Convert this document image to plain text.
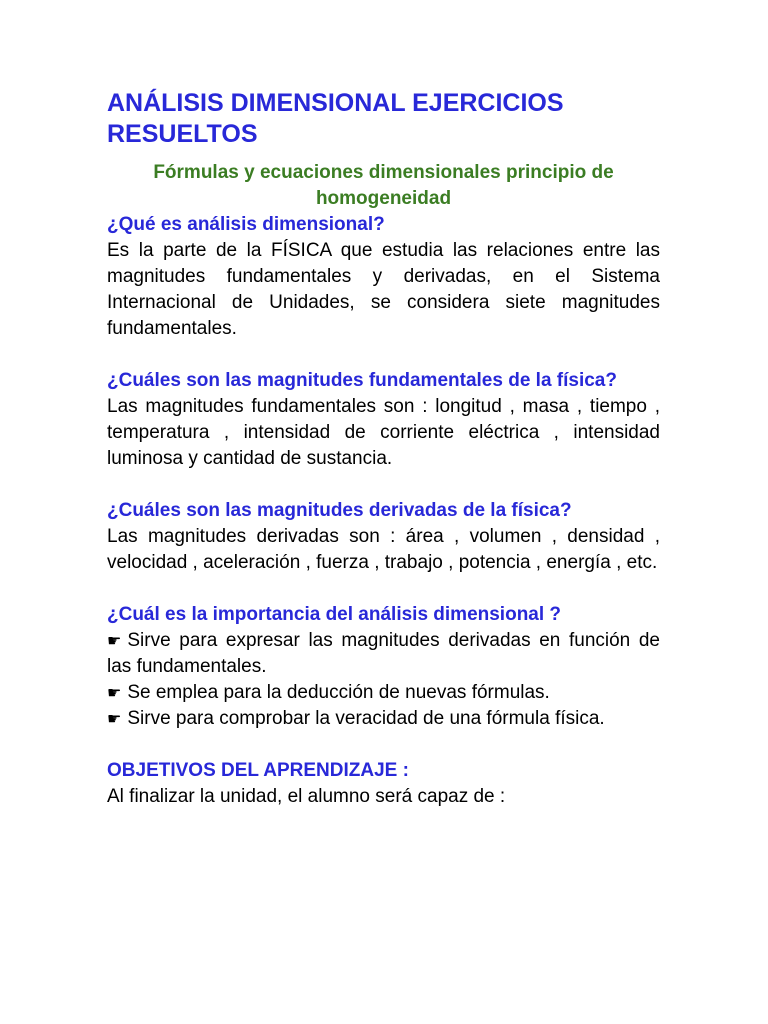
ANÁLISIS DIMENSIONAL EJERCICIOS RESUELTOS

Fórmulas y ecuaciones dimensionales principio de homogeneidad

¿Qué es análisis dimensional?

Es la parte de la FÍSICA que estudia las relaciones entre las magnitudes fundamentales y derivadas, en el Sistema Internacional de Unidades, se considera siete magnitudes fundamentales.

¿Cuáles son las magnitudes fundamentales de la física?

Las magnitudes fundamentales son : longitud , masa , tiempo , temperatura , intensidad de corriente eléctrica , intensidad luminosa y cantidad de sustancia.

¿Cuáles son las magnitudes derivadas de la física?

Las magnitudes derivadas son : área , volumen , densidad , velocidad , aceleración , fuerza , trabajo , potencia , energía , etc.

¿Cuál es la importancia del análisis dimensional ?

☛ Sirve para expresar las magnitudes derivadas en función de las fundamentales.

☛ Se emplea para la deducción de nuevas fórmulas.

☛ Sirve para comprobar la veracidad de una fórmula física.

OBJETIVOS DEL APRENDIZAJE :

Al finalizar la unidad, el alumno será capaz de :
